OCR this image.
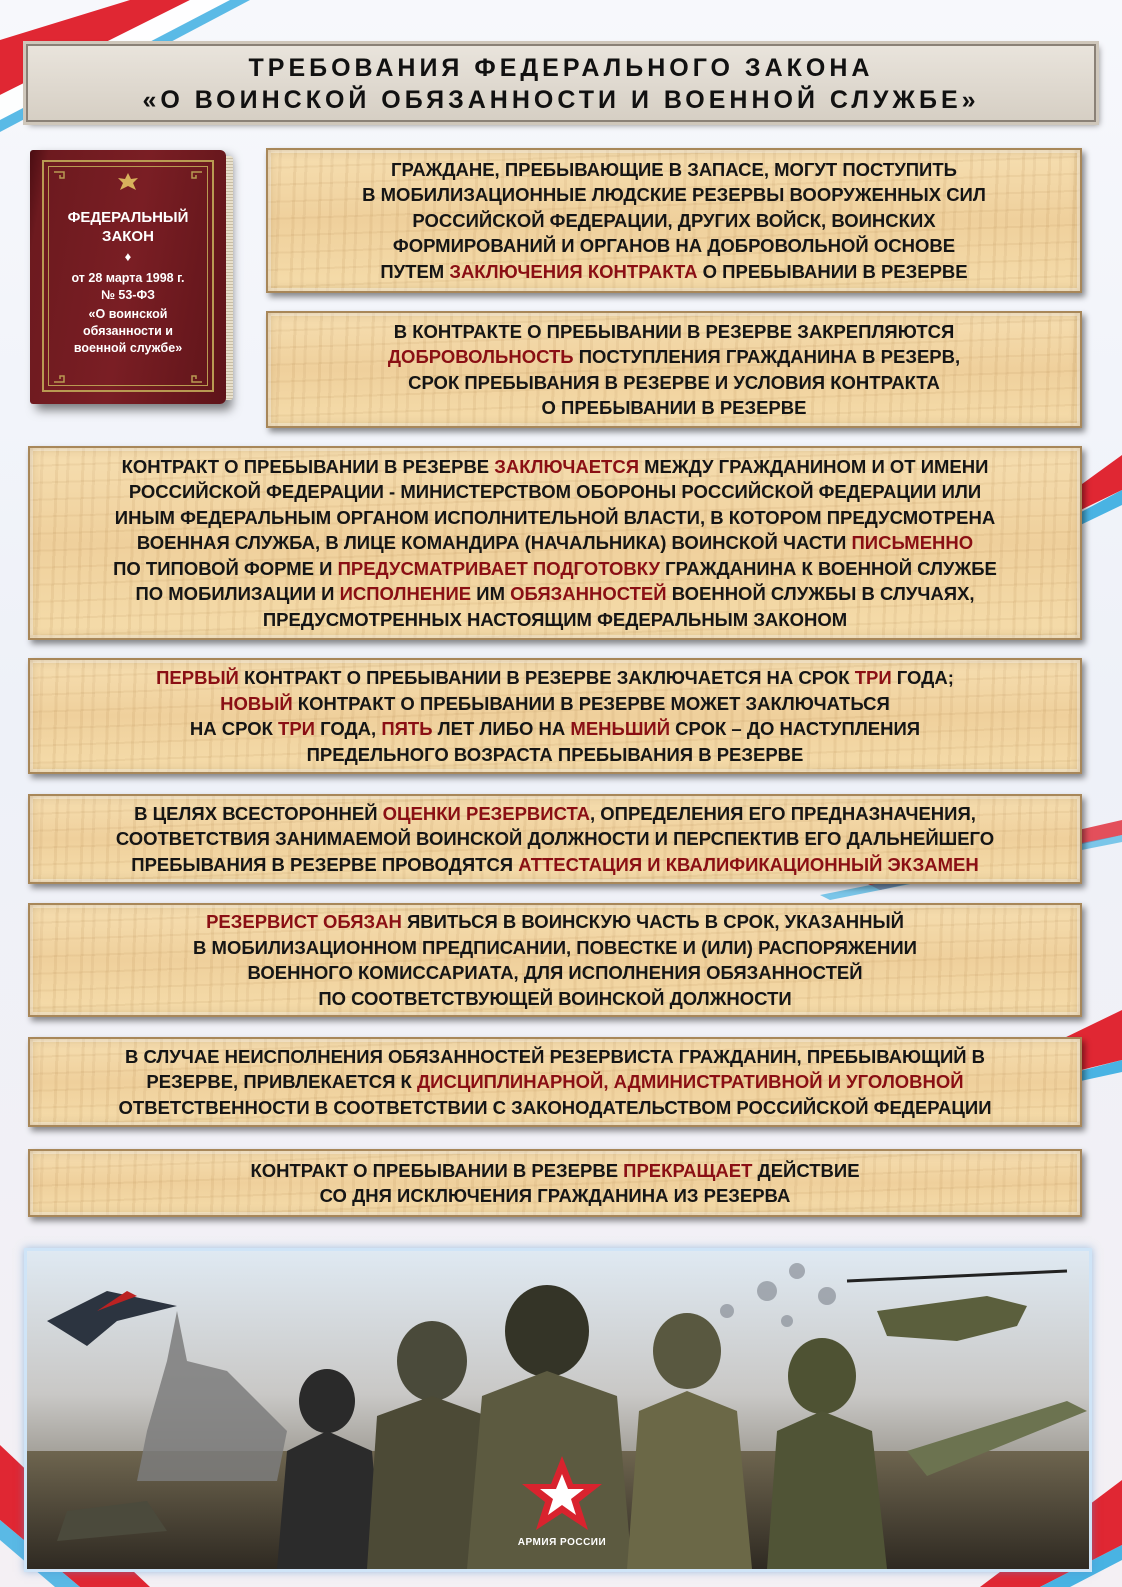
ТРЕБОВАНИЯ ФЕДЕРАЛЬНОГО ЗАКОНА
«О ВОИНСКОЙ ОБЯЗАННОСТИ И ВОЕННОЙ СЛУЖБЕ»
ФЕДЕРАЛЬНЫЙ
ЗАКОН
♦
от 28 марта 1998 г.
№ 53-ФЗ
«О воинской
обязанности и
военной службе»

ГРАЖДАНЕ, ПРЕБЫВАЮЩИЕ В ЗАПАСЕ, МОГУТ ПОСТУПИТЬ
В МОБИЛИЗАЦИОННЫЕ ЛЮДСКИЕ РЕЗЕРВЫ ВООРУЖЕННЫХ СИЛ
РОССИЙСКОЙ ФЕДЕРАЦИИ, ДРУГИХ ВОЙСК, ВОИНСКИХ
ФОРМИРОВАНИЙ И ОРГАНОВ НА ДОБРОВОЛЬНОЙ ОСНОВЕ
ПУТЕМ ЗАКЛЮЧЕНИЯ КОНТРАКТА О ПРЕБЫВАНИИ В РЕЗЕРВЕ

В КОНТРАКТЕ О ПРЕБЫВАНИИ В РЕЗЕРВЕ ЗАКРЕПЛЯЮТСЯ
ДОБРОВОЛЬНОСТЬ ПОСТУПЛЕНИЯ ГРАЖДАНИНА В РЕЗЕРВ,
СРОК ПРЕБЫВАНИЯ В РЕЗЕРВЕ И УСЛОВИЯ КОНТРАКТА
О ПРЕБЫВАНИИ В РЕЗЕРВЕ

КОНТРАКТ О ПРЕБЫВАНИИ В РЕЗЕРВЕ ЗАКЛЮЧАЕТСЯ МЕЖДУ ГРАЖДАНИНОМ И ОТ ИМЕНИ
РОССИЙСКОЙ ФЕДЕРАЦИИ - МИНИСТЕРСТВОМ ОБОРОНЫ РОССИЙСКОЙ ФЕДЕРАЦИИ ИЛИ
ИНЫМ ФЕДЕРАЛЬНЫМ ОРГАНОМ ИСПОЛНИТЕЛЬНОЙ ВЛАСТИ, В КОТОРОМ ПРЕДУСМОТРЕНА
ВОЕННАЯ СЛУЖБА, В ЛИЦЕ КОМАНДИРА (НАЧАЛЬНИКА) ВОИНСКОЙ ЧАСТИ ПИСЬМЕННО
ПО ТИПОВОЙ ФОРМЕ И ПРЕДУСМАТРИВАЕТ ПОДГОТОВКУ ГРАЖДАНИНА К ВОЕННОЙ СЛУЖБЕ
ПО МОБИЛИЗАЦИИ И ИСПОЛНЕНИЕ ИМ ОБЯЗАННОСТЕЙ ВОЕННОЙ СЛУЖБЫ В СЛУЧАЯХ,
ПРЕДУСМОТРЕННЫХ НАСТОЯЩИМ ФЕДЕРАЛЬНЫМ ЗАКОНОМ

ПЕРВЫЙ КОНТРАКТ О ПРЕБЫВАНИИ В РЕЗЕРВЕ ЗАКЛЮЧАЕТСЯ НА СРОК ТРИ ГОДА;
НОВЫЙ КОНТРАКТ О ПРЕБЫВАНИИ В РЕЗЕРВЕ МОЖЕТ ЗАКЛЮЧАТЬСЯ
НА СРОК ТРИ ГОДА, ПЯТЬ ЛЕТ ЛИБО НА МЕНЬШИЙ СРОК – ДО НАСТУПЛЕНИЯ
ПРЕДЕЛЬНОГО ВОЗРАСТА ПРЕБЫВАНИЯ В РЕЗЕРВЕ

В ЦЕЛЯХ ВСЕСТОРОННЕЙ ОЦЕНКИ РЕЗЕРВИСТА, ОПРЕДЕЛЕНИЯ ЕГО ПРЕДНАЗНАЧЕНИЯ,
СООТВЕТСТВИЯ ЗАНИМАЕМОЙ ВОИНСКОЙ ДОЛЖНОСТИ И ПЕРСПЕКТИВ ЕГО ДАЛЬНЕЙШЕГО
ПРЕБЫВАНИЯ В РЕЗЕРВЕ ПРОВОДЯТСЯ АТТЕСТАЦИЯ И КВАЛИФИКАЦИОННЫЙ ЭКЗАМЕН

РЕЗЕРВИСТ ОБЯЗАН ЯВИТЬСЯ В ВОИНСКУЮ ЧАСТЬ В СРОК, УКАЗАННЫЙ
В МОБИЛИЗАЦИОННОМ ПРЕДПИСАНИИ, ПОВЕСТКЕ И (ИЛИ) РАСПОРЯЖЕНИИ
ВОЕННОГО КОМИССАРИАТА, ДЛЯ ИСПОЛНЕНИЯ ОБЯЗАННОСТЕЙ
ПО СООТВЕТСТВУЮЩЕЙ ВОИНСКОЙ ДОЛЖНОСТИ

В СЛУЧАЕ НЕИСПОЛНЕНИЯ ОБЯЗАННОСТЕЙ РЕЗЕРВИСТА ГРАЖДАНИН, ПРЕБЫВАЮЩИЙ В
РЕЗЕРВЕ, ПРИВЛЕКАЕТСЯ К ДИСЦИПЛИНАРНОЙ, АДМИНИСТРАТИВНОЙ И УГОЛОВНОЙ
ОТВЕТСТВЕННОСТИ В СООТВЕТСТВИИ С ЗАКОНОДАТЕЛЬСТВОМ РОССИЙСКОЙ ФЕДЕРАЦИИ

КОНТРАКТ О ПРЕБЫВАНИИ В РЕЗЕРВЕ ПРЕКРАЩАЕТ ДЕЙСТВИЕ
СО ДНЯ ИСКЛЮЧЕНИЯ ГРАЖДАНИНА ИЗ РЕЗЕРВА

АРМИЯ РОССИИ
